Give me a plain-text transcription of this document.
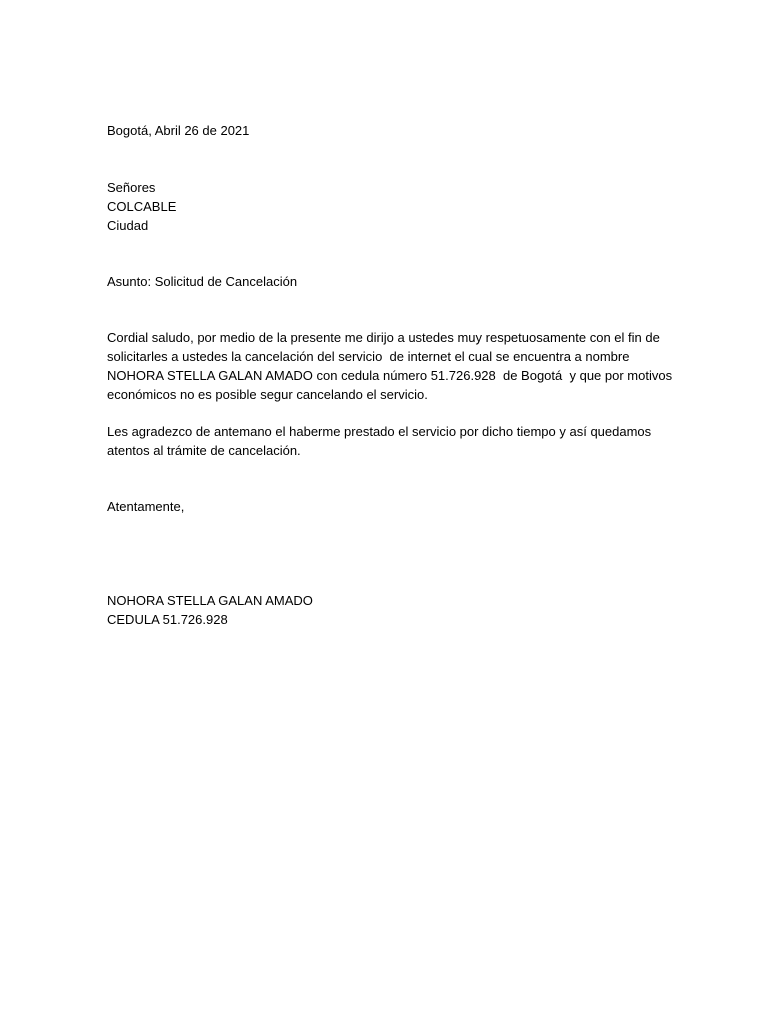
Bogotá, Abril 26 de 2021

Señores

COLCABLE

Ciudad

Asunto: Solicitud de Cancelación

Cordial saludo, por medio de la presente me dirijo a ustedes muy respetuosamente con el fin de

solicitarles a ustedes la cancelación del servicio  de internet el cual se encuentra a nombre

NOHORA STELLA GALAN AMADO con cedula número 51.726.928  de Bogotá  y que por motivos

económicos no es posible segur cancelando el servicio.

Les agradezco de antemano el haberme prestado el servicio por dicho tiempo y así quedamos

atentos al trámite de cancelación.

Atentamente,

NOHORA STELLA GALAN AMADO

CEDULA 51.726.928
